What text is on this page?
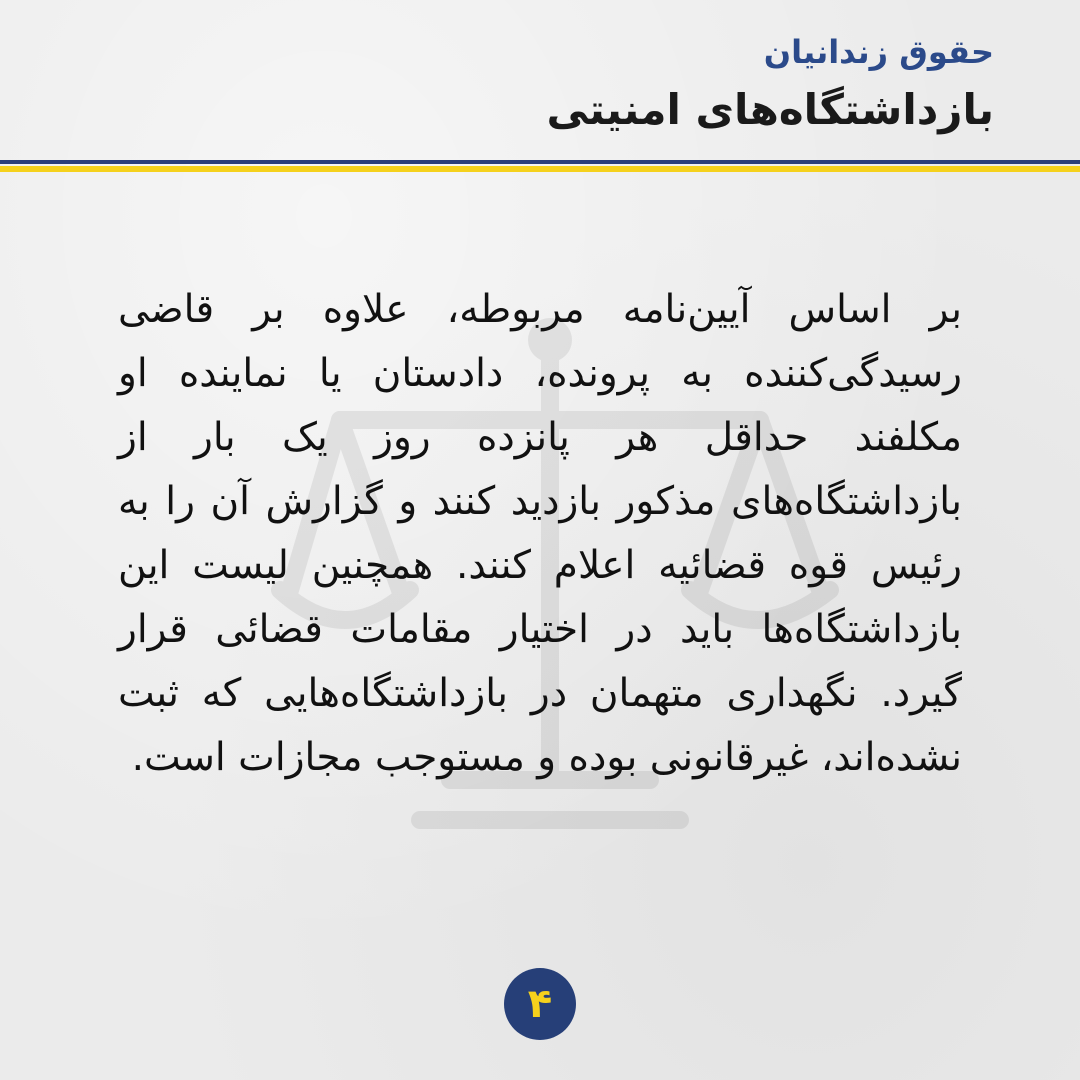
حقوق زندانیان

بازداشتگاه‌های امنیتی

بر اساس آیین‌نامه مربوطه، علاوه بر قاضی رسیدگی‌کننده به پرونده، دادستان یا نماینده او مکلفند حداقل هر پانزده روز یک بار از بازداشتگاه‌های مذکور بازدید کنند و گزارش آن را به رئیس قوه قضائیه اعلام کنند. همچنین لیست این بازداشتگاه‌ها باید در اختیار مقامات قضائی قرار گیرد. نگهداری متهمان در بازداشتگاه‌هایی که ثبت نشده‌اند، غیرقانونی بوده و مستوجب مجازات است.

۴
